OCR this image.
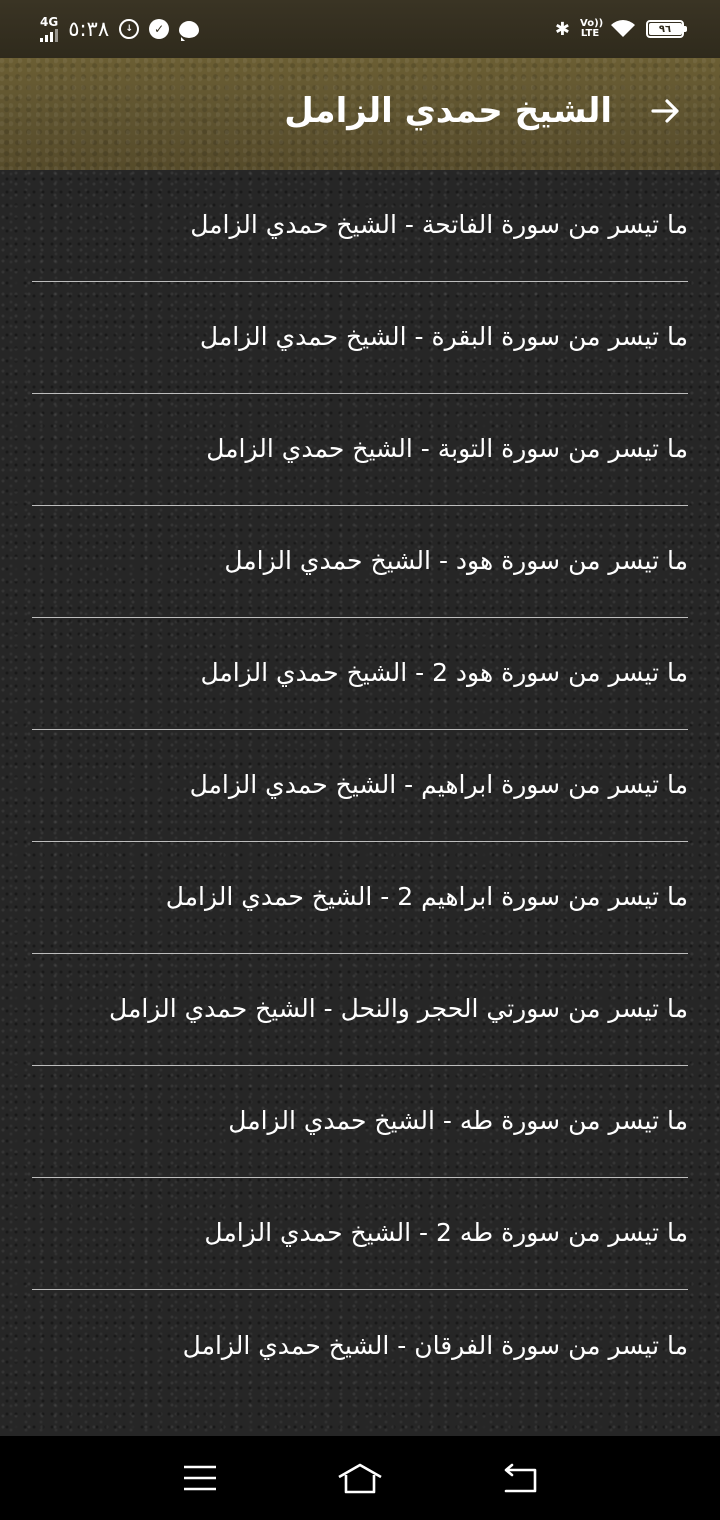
4G ٥:٣٨	↓	✓	✱ Vo)) LTE	٩٦
الشيخ حمدي الزامل
ما تيسر من سورة الفاتحة - الشيخ حمدي الزامل
ما تيسر من سورة البقرة - الشيخ حمدي الزامل
ما تيسر من سورة التوبة - الشيخ حمدي الزامل
ما تيسر من سورة هود - الشيخ حمدي الزامل
ما تيسر من سورة هود 2 - الشيخ حمدي الزامل
ما تيسر من سورة ابراهيم - الشيخ حمدي الزامل
ما تيسر من سورة ابراهيم 2 - الشيخ حمدي الزامل
ما تيسر من سورتي الحجر والنحل - الشيخ حمدي الزامل
ما تيسر من سورة طه - الشيخ حمدي الزامل
ما تيسر من سورة طه 2 - الشيخ حمدي الزامل
ما تيسر من سورة الفرقان - الشيخ حمدي الزامل
